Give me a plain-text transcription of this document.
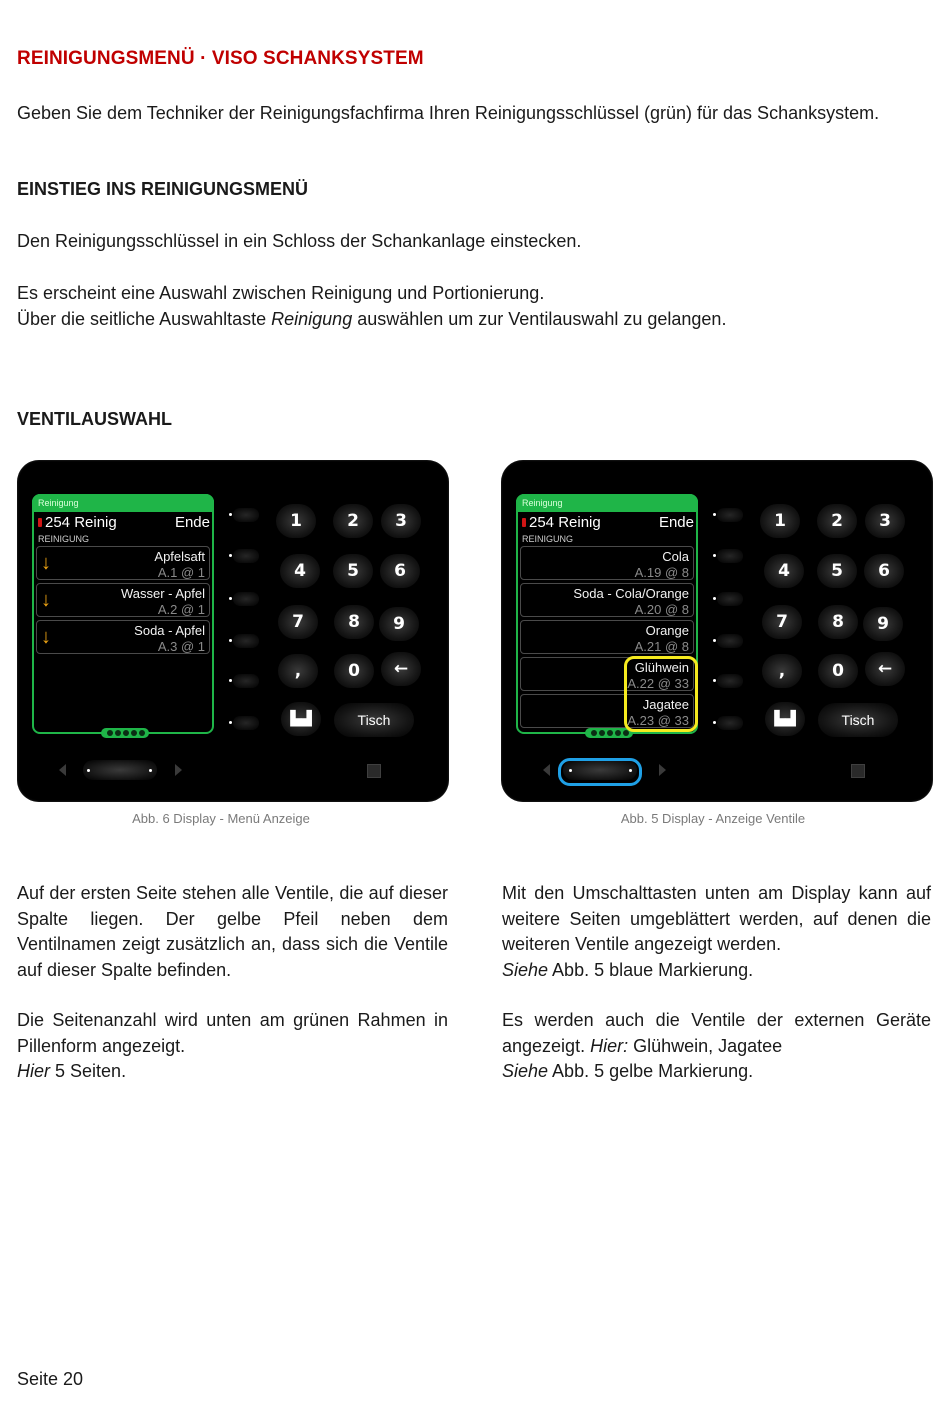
REINIGUNGSMENÜ · VISO SCHANKSYSTEM
Geben Sie dem Techniker der Reinigungsfachfirma Ihren Reinigungsschlüssel (grün) für das Schanksystem.
EINSTIEG INS REINIGUNGSMENÜ
Den Reinigungsschlüssel in ein Schloss der Schankanlage einstecken.
Es erscheint eine Auswahl zwischen Reinigung und Portionierung.
Über die seitliche Auswahltaste Reinigung auswählen um zur Ventilauswahl zu gelangen.
VENTILAUSWAHL
Reinigung
254 Reinig	Ende
REINIGUNG
↓	Apfelsaft
A.1 @ 1
↓	Wasser - Apfel
A.2 @ 1
↓	Soda - Apfel
A.3 @ 1
1	2	3
4	5	6
7	8	9
,	0	←
▙▟	Tisch
Abb. 6 Display - Menü Anzeige
Reinigung
254 Reinig	Ende
REINIGUNG
Cola
A.19 @ 8
Soda - Cola/Orange
A.20 @ 8
Orange
A.21 @ 8
Glühwein
A.22 @ 33
Jagatee
A.23 @ 33
1	2	3
4	5	6
7	8	9
,	0	←
▙▟	Tisch
Abb. 5 Display - Anzeige Ventile
Auf der ersten Seite stehen alle Ventile, die auf dieser Spalte liegen. Der gelbe Pfeil neben dem Ventilnamen zeigt zusätzlich an, dass sich die Ventile auf dieser Spalte befinden.
Die Seitenanzahl wird unten am grünen Rahmen in Pillenform angezeigt.
Hier 5 Seiten.
Mit den Umschalttasten unten am Display kann auf weitere Seiten umgeblättert werden, auf denen die weiteren Ventile angezeigt werden.
Siehe Abb. 5 blaue Markierung.
Es werden auch die Ventile der externen Geräte angezeigt. Hier: Glühwein, Jagatee
Siehe Abb. 5 gelbe Markierung.
Seite 20
